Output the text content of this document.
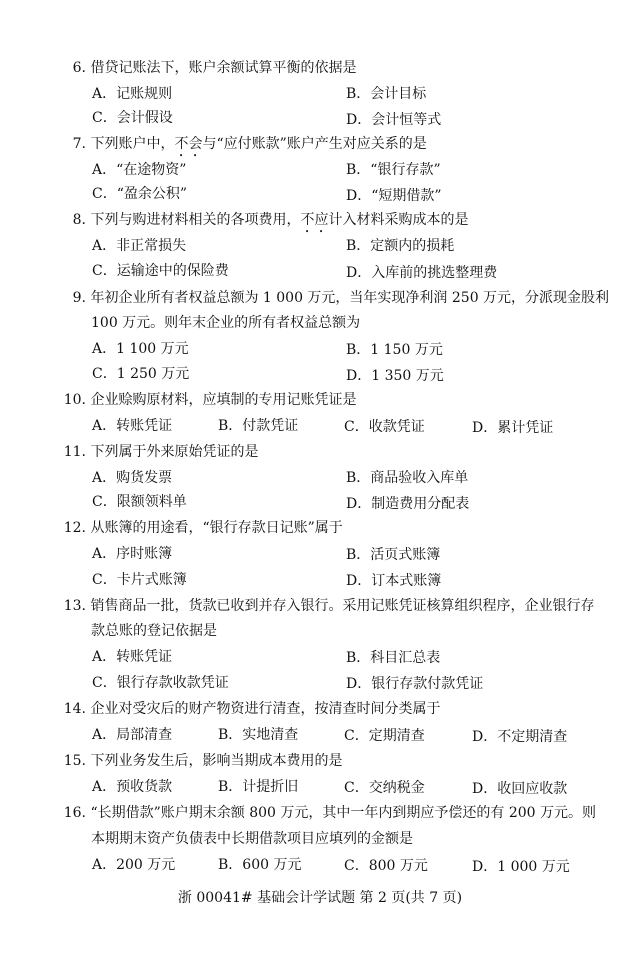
6. 借贷记账法下，账户余额试算平衡的依据是
A．记账规则	B．会计目标
C．会计假设	D．会计恒等式
7. 下列账户中，不会与“应付账款”账户产生对应关系的是
A．“在途物资”	B．“银行存款”
C．“盈余公积”	D．“短期借款”
8. 下列与购进材料相关的各项费用，不应计入材料采购成本的是
A．非正常损失	B．定额内的损耗
C．运输途中的保险费	D．入库前的挑选整理费
9. 年初企业所有者权益总额为 1 000 万元，当年实现净利润 250 万元，分派现金股利
100 万元。则年末企业的所有者权益总额为
A．1 100 万元	B．1 150 万元
C．1 250 万元	D．1 350 万元
10. 企业赊购原材料，应填制的专用记账凭证是
A．转账凭证	B．付款凭证	C．收款凭证	D．累计凭证
11. 下列属于外来原始凭证的是
A．购货发票	B．商品验收入库单
C．限额领料单	D．制造费用分配表
12. 从账簿的用途看，“银行存款日记账”属于
A．序时账簿	B．活页式账簿
C．卡片式账簿	D．订本式账簿
13. 销售商品一批，货款已收到并存入银行。采用记账凭证核算组织程序，企业银行存
款总账的登记依据是
A．转账凭证	B．科目汇总表
C．银行存款收款凭证	D．银行存款付款凭证
14. 企业对受灾后的财产物资进行清查，按清查时间分类属于
A．局部清查	B．实地清查	C．定期清查	D．不定期清查
15. 下列业务发生后，影响当期成本费用的是
A．预收货款	B．计提折旧	C．交纳税金	D．收回应收款
16. “长期借款”账户期末余额 800 万元，其中一年内到期应予偿还的有 200 万元。则
本期期末资产负债表中长期借款项目应填列的金额是
A．200 万元	B．600 万元	C．800 万元	D．1 000 万元
浙 00041# 基础会计学试题 第 2 页(共 7 页)
